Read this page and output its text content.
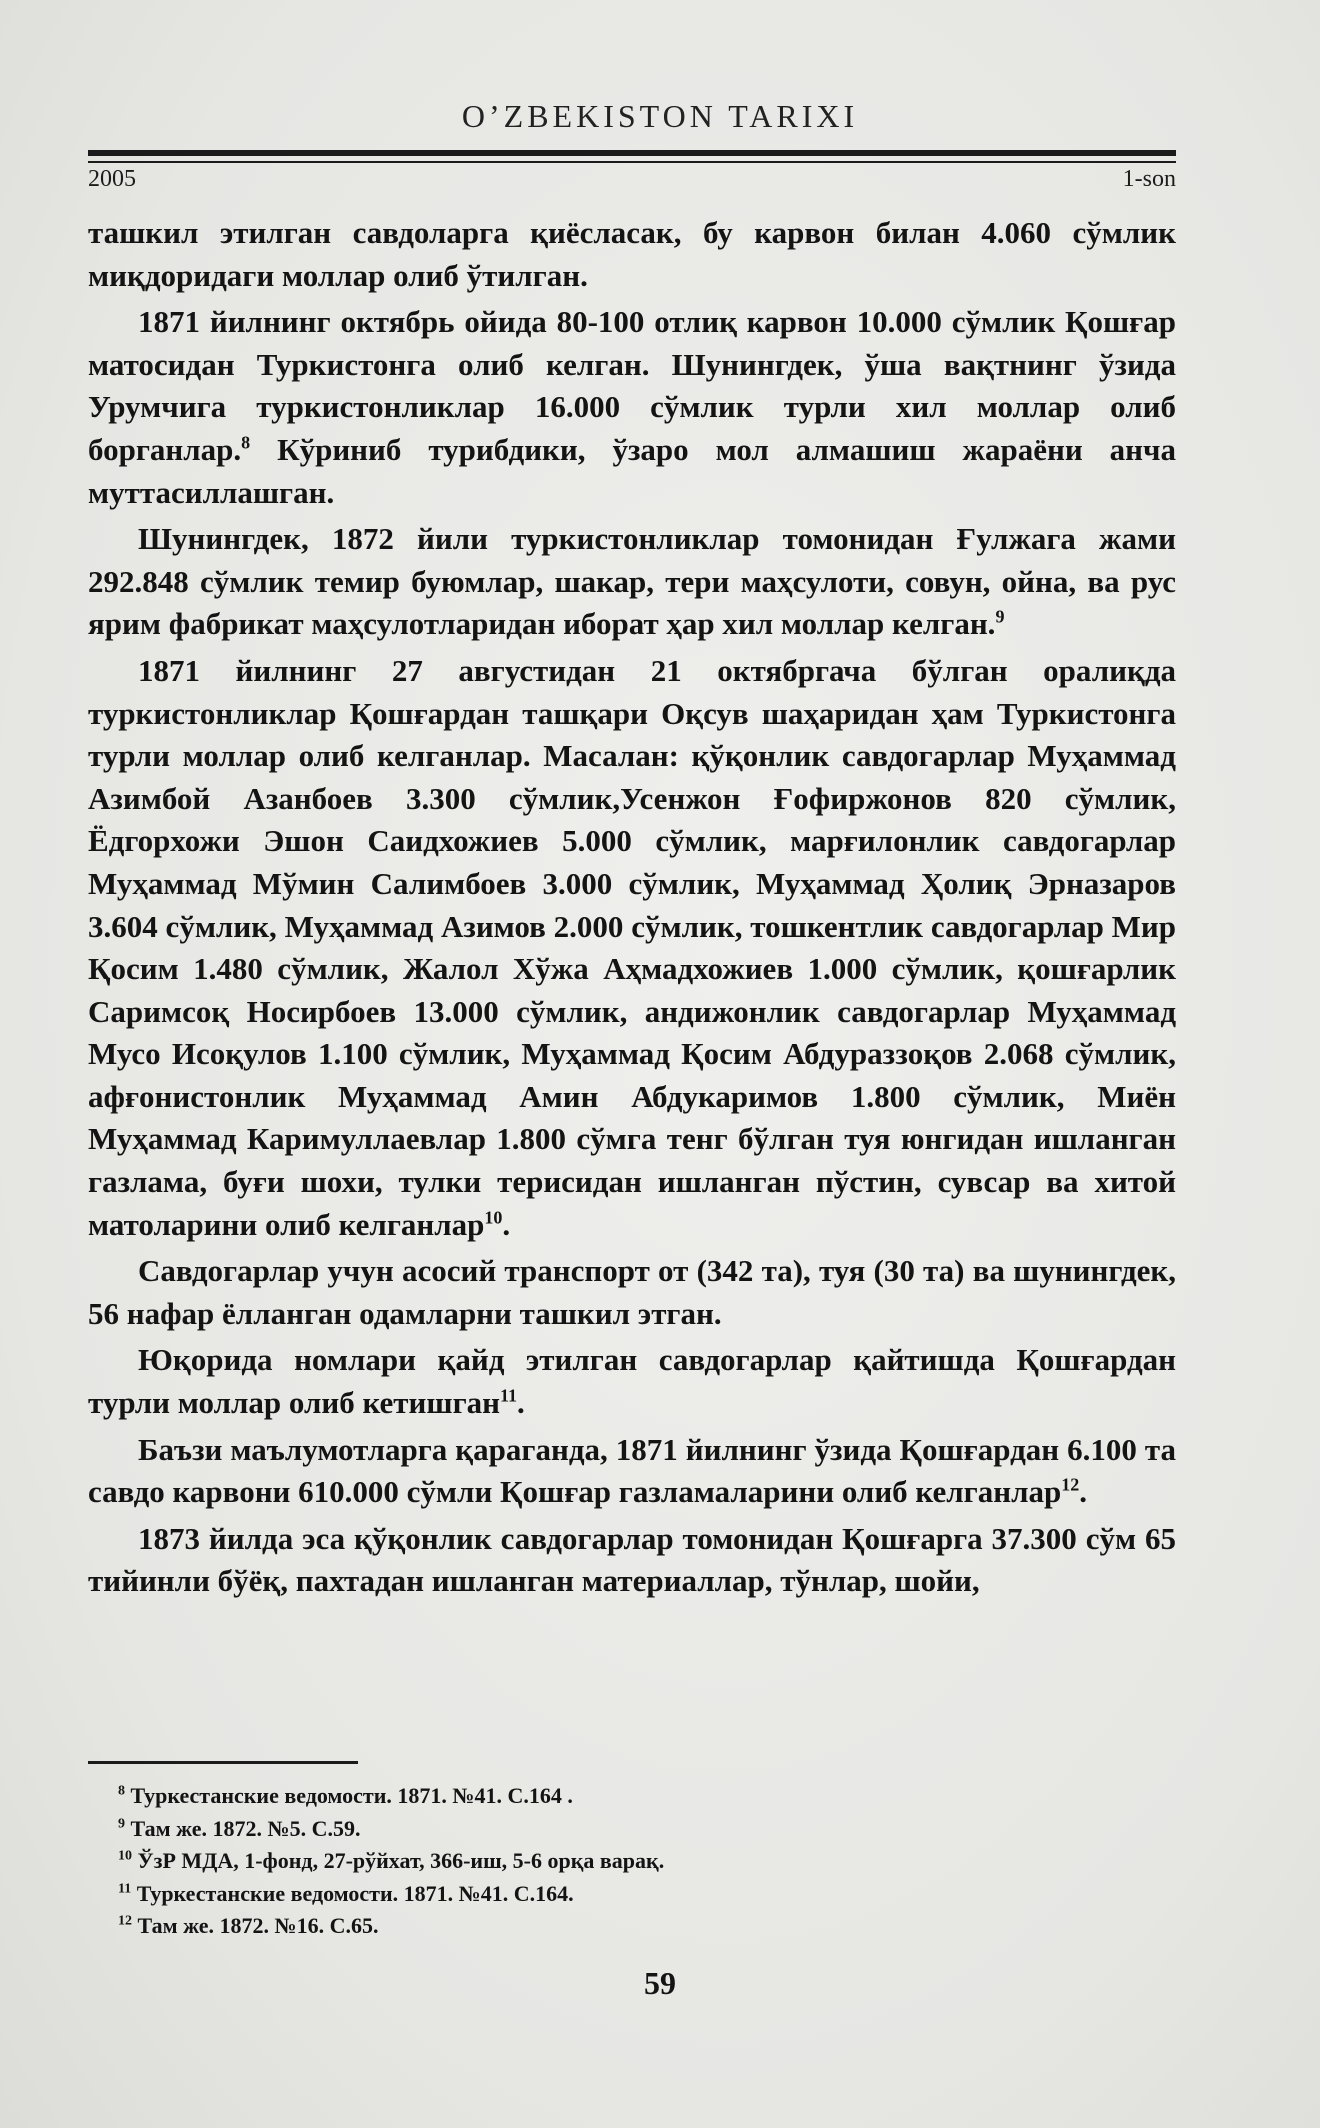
O’ZBEKISTON TARIXI
2005	1-son

ташкил этилган савдоларга қиёсласак, бу карвон билан 4.060 сўмлик миқдоридаги моллар олиб ўтилган.

1871 йилнинг октябрь ойида 80-100 отлиқ карвон 10.000 сўмлик Қошғар матосидан Туркистонга олиб келган. Шунингдек, ўша вақтнинг ўзида Урумчига туркистонликлар 16.000 сўмлик турли хил моллар олиб борганлар.$^8$ Кўриниб турибдики, ўзаро мол алмашиш жараёни анча муттасиллашган.

Шунингдек, 1872 йили туркистонликлар томонидан Ғулжага жами 292.848 сўмлик темир буюмлар, шакар, тери маҳсулоти, совун, ойна, ва рус ярим фабрикат маҳсулотларидан иборат ҳар хил моллар келган.$^9$

1871 йилнинг 27 августидан 21 октябргача бўлган оралиқда туркистонликлар Қошғардан ташқари Оқсув шаҳаридан ҳам Туркистонга турли моллар олиб келганлар. Масалан: қўқонлик савдогарлар Муҳаммад Азимбой Азанбоев 3.300 сўмлик,Усенжон Ғофиржонов 820 сўмлик, Ёдгорхожи Эшон Саидхожиев 5.000 сўмлик, марғилонлик савдогарлар Муҳаммад Мўмин Салимбоев 3.000 сўмлик, Муҳаммад Ҳолиқ Эрназаров 3.604 сўмлик, Муҳаммад Азимов 2.000 сўмлик, тошкентлик савдогарлар Мир Қосим 1.480 сўмлик, Жалол Хўжа Аҳмадхожиев 1.000 сўмлик, қошғарлик Саримсоқ Носирбоев 13.000 сўмлик, андижонлик савдогарлар Муҳаммад Мусо Исоқулов 1.100 сўмлик, Муҳаммад Қосим Абдураззоқов 2.068 сўмлик, афғонистонлик Муҳаммад Амин Абдукаримов 1.800 сўмлик, Миён Муҳаммад Каримуллаевлар 1.800 сўмга тенг бўлган туя юнгидан ишланган газлама, буғи шохи, тулки терисидан ишланган пўстин, сувсар ва хитой матоларини олиб келганлар$^{10}$.

Савдогарлар учун асосий транспорт от (342 та), туя (30 та) ва шунингдек, 56 нафар ёлланган одамларни ташкил этган.

Юқорида номлари қайд этилган савдогарлар қайтишда Қошғардан турли моллар олиб кетишган$^{11}$.

Баъзи маълумотларга қараганда, 1871 йилнинг ўзида Қошғардан 6.100 та савдо карвони 610.000 сўмли Қошғар газламаларини олиб келганлар$^{12}$.

1873 йилда эса қўқонлик савдогарлар томонидан Қошғарга 37.300 сўм 65 тийинли бўёқ, пахтадан ишланган материаллар, тўнлар, шойи,

$^8$ Туркестанские ведомости. 1871. №41. С.164 .
$^9$ Там же. 1872. №5. С.59.
$^{10}$ ЎзР МДА, 1-фонд, 27-рўйхат, 366-иш, 5-6 орқа варақ.
$^{11}$ Туркестанские ведомости. 1871. №41. С.164.
$^{12}$ Там же. 1872. №16. С.65.
59
